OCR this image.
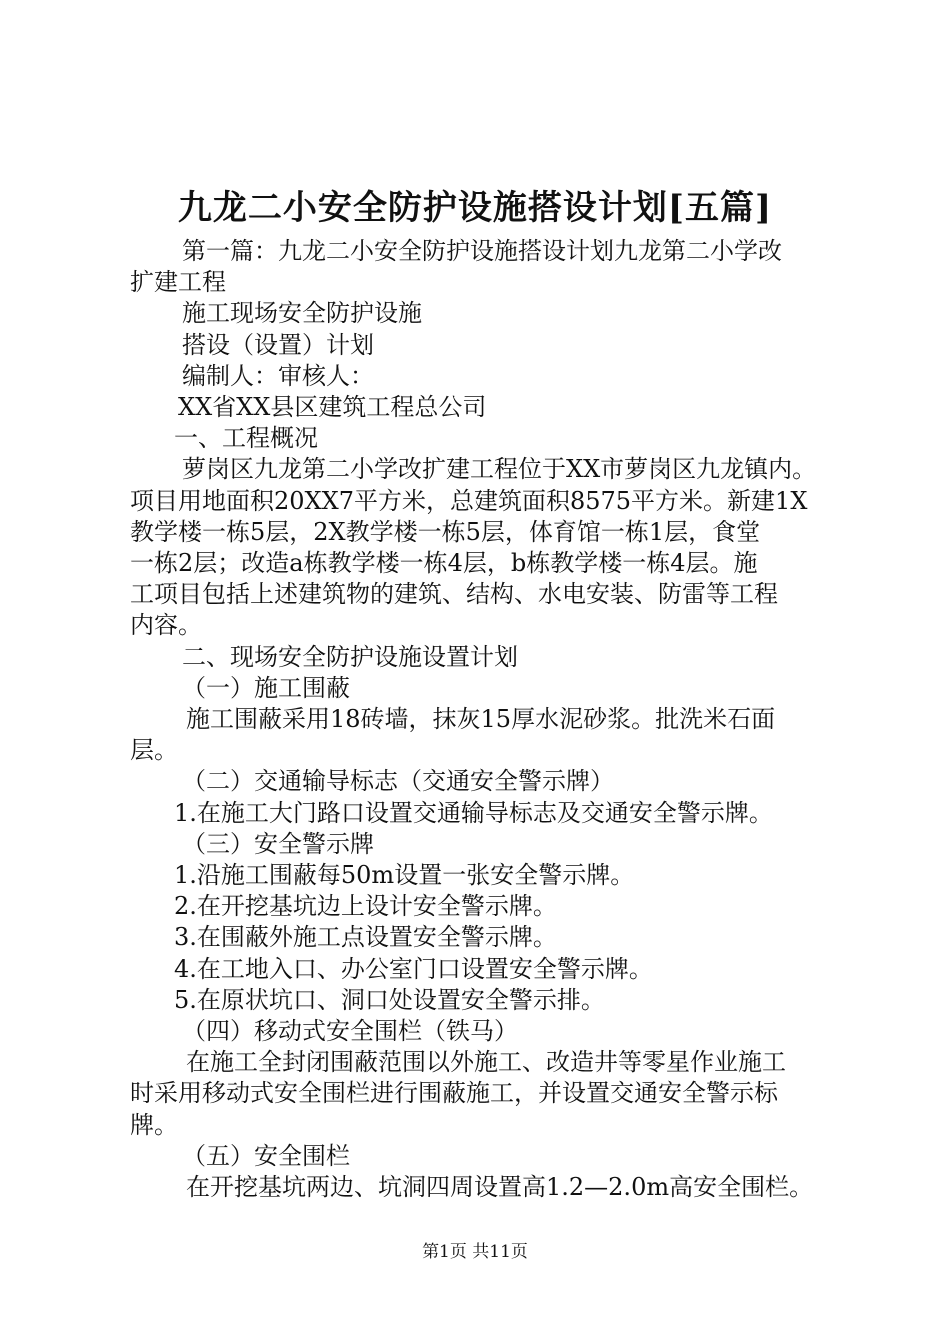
九龙二小安全防护设施搭设计划[五篇]

第一篇：九龙二小安全防护设施搭设计划九龙第二小学改

扩建工程

施工现场安全防护设施

搭设（设置）计划

编制人：审核人：

XX省XX县区建筑工程总公司

一、工程概况

萝岗区九龙第二小学改扩建工程位于XX市萝岗区九龙镇内。

项目用地面积20XX7平方米，总建筑面积8575平方米。新建1X

教学楼一栋5层，2X教学楼一栋5层，体育馆一栋1层，食堂

一栋2层；改造a栋教学楼一栋4层，b栋教学楼一栋4层。施

工项目包括上述建筑物的建筑、结构、水电安装、防雷等工程

内容。

二、现场安全防护设施设置计划

（一）施工围蔽

施工围蔽采用18砖墙，抹灰15厚水泥砂浆。批洗米石面

层。

（二）交通输导标志（交通安全警示牌）

1.在施工大门路口设置交通输导标志及交通安全警示牌。

（三）安全警示牌

1.沿施工围蔽每50m设置一张安全警示牌。

2.在开挖基坑边上设计安全警示牌。

3.在围蔽外施工点设置安全警示牌。

4.在工地入口、办公室门口设置安全警示牌。

5.在原状坑口、洞口处设置安全警示排。

（四）移动式安全围栏（铁马）

在施工全封闭围蔽范围以外施工、改造井等零星作业施工

时采用移动式安全围栏进行围蔽施工，并设置交通安全警示标

牌。

（五）安全围栏

在开挖基坑两边、坑洞四周设置高1.2—2.0m高安全围栏。

第1页 共11页
